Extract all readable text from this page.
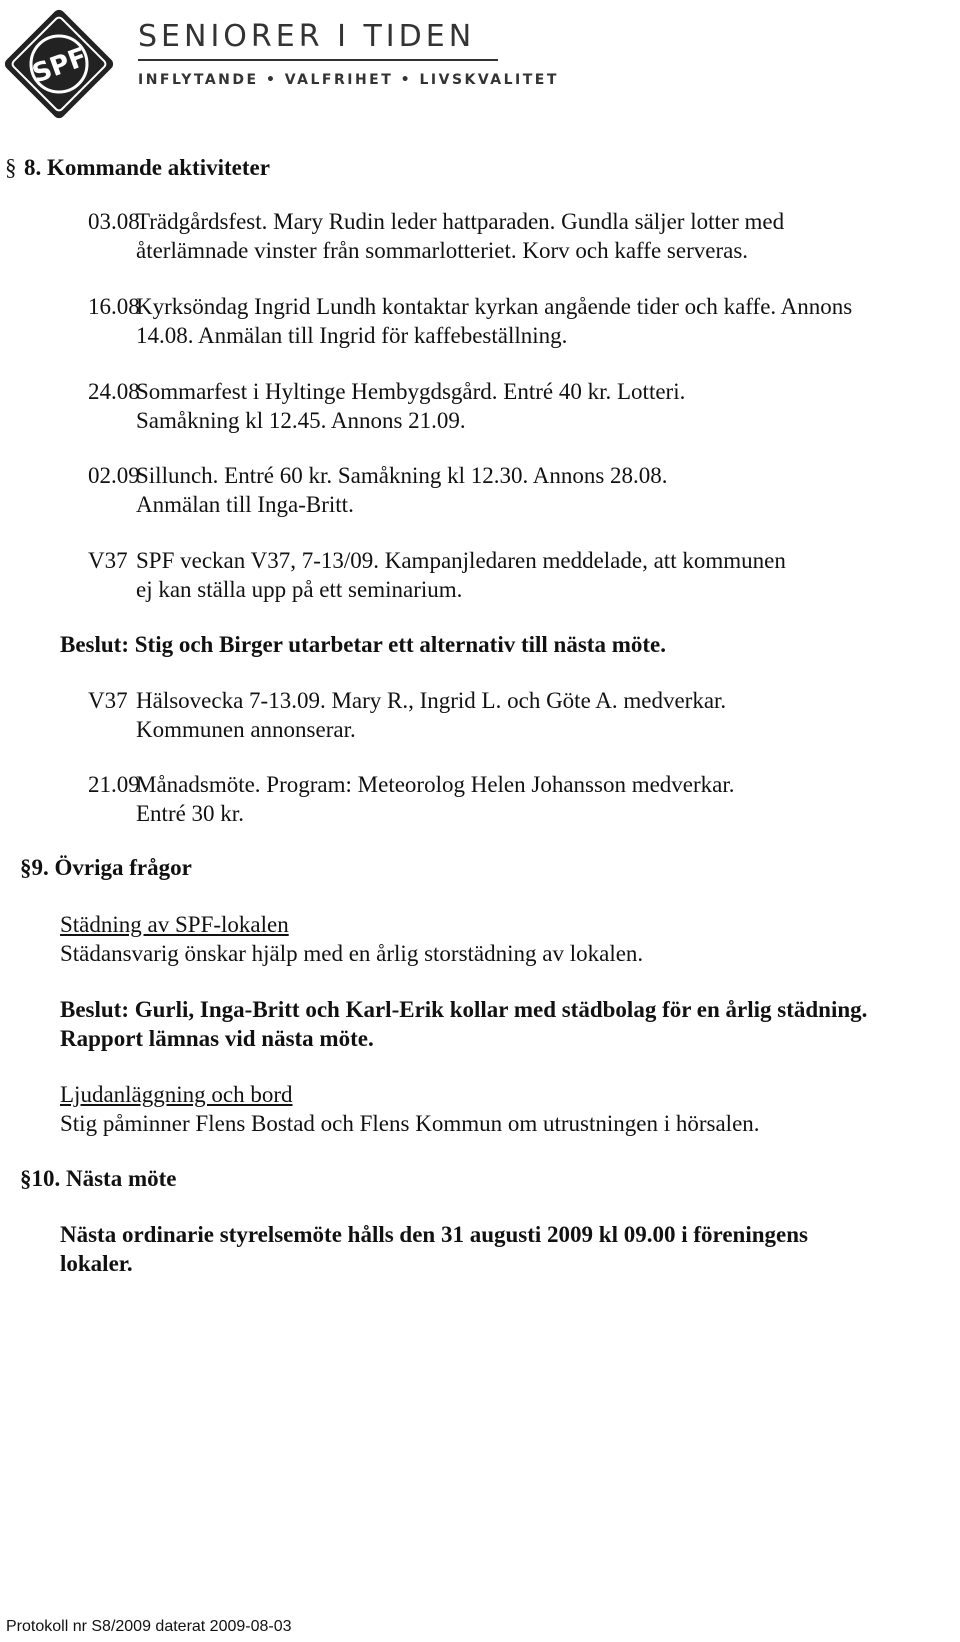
SPF
SENIORER I TIDEN
INFLYTANDE • VALFRIHET • LIVSKVALITET
§ 8. Kommande aktiviteter
03.08
Trädgårdsfest. Mary Rudin leder hattparaden. Gundla säljer lotter med
återlämnade vinster från sommarlotteriet. Korv och kaffe serveras.
16.08
Kyrksöndag Ingrid Lundh kontaktar kyrkan angående tider och kaffe. Annons
14.08. Anmälan till Ingrid för kaffebeställning.
24.08
Sommarfest i Hyltinge Hembygdsgård. Entré 40 kr. Lotteri.
Samåkning kl 12.45. Annons 21.09.
02.09
Sillunch. Entré 60 kr. Samåkning kl 12.30. Annons 28.08.
Anmälan till Inga-Britt.
V37 SPF veckan V37, 7-13/09. Kampanjledaren meddelade, att kommunen
ej kan ställa upp på ett seminarium.
Beslut: Stig och Birger utarbetar ett alternativ till nästa möte.
V37 Hälsovecka 7-13.09. Mary R., Ingrid L. och Göte A. medverkar.
Kommunen annonserar.
21.09
Månadsmöte. Program: Meteorolog Helen Johansson medverkar.
Entré 30 kr.
§9. Övriga frågor
Städning av SPF-lokalen
Städansvarig önskar hjälp med en årlig storstädning av lokalen.
Beslut: Gurli, Inga-Britt och Karl-Erik kollar med städbolag för en årlig städning.
Rapport lämnas vid nästa möte.
Ljudanläggning och bord
Stig påminner Flens Bostad och Flens Kommun om utrustningen i hörsalen.
§10. Nästa möte
Nästa ordinarie styrelsemöte hålls den 31 augusti 2009 kl 09.00 i föreningens
lokaler.
Protokoll nr S8/2009 daterat 2009-08-03
